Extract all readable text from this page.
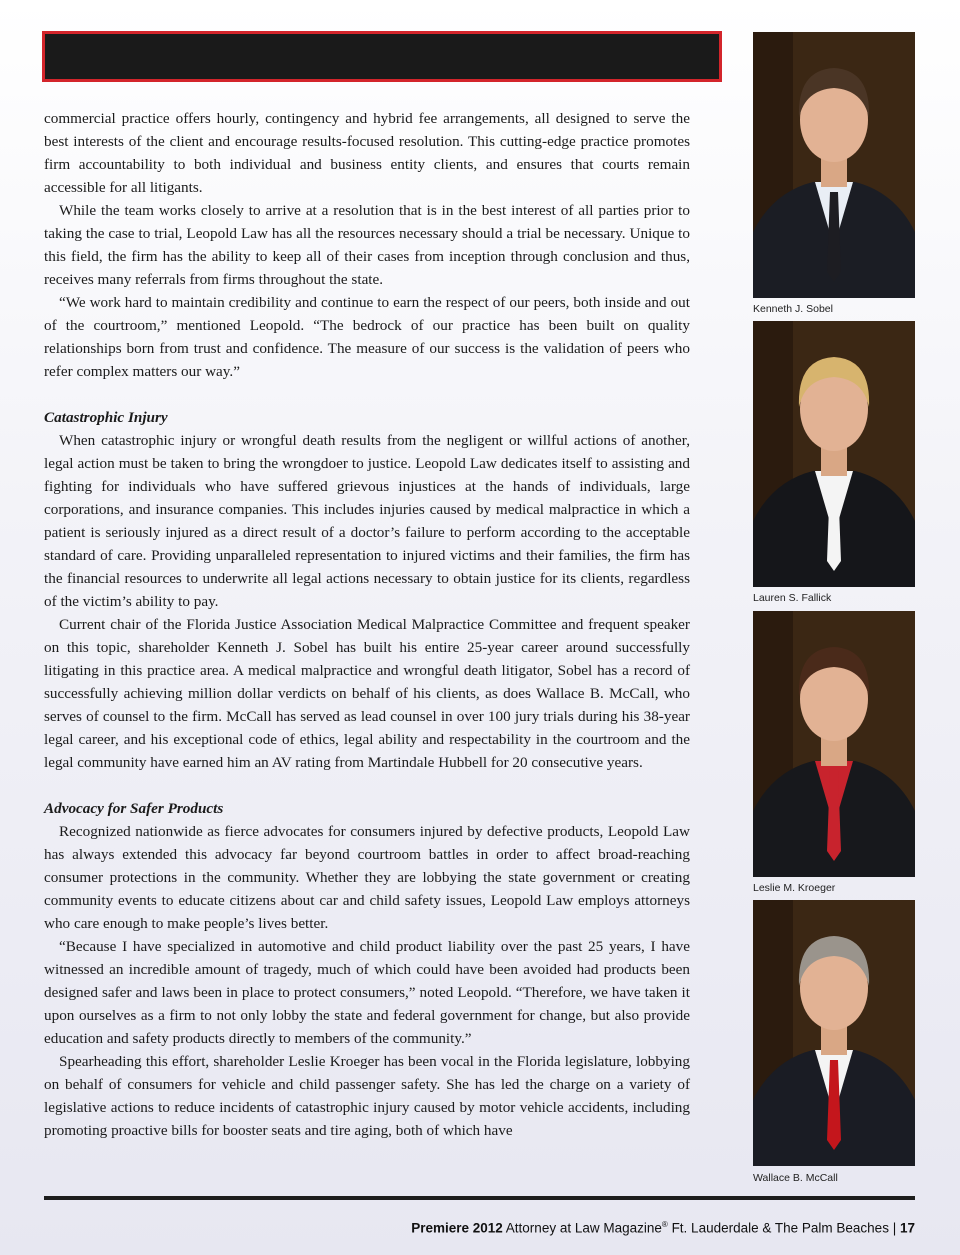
commercial practice offers hourly, contingency and hybrid fee arrangements, all designed to serve the best interests of the client and encourage results-focused resolution. This cutting-edge practice promotes firm accountability to both individual and business entity clients, and ensures that courts remain accessible for all litigants.

While the team works closely to arrive at a resolution that is in the best interest of all parties prior to taking the case to trial, Leopold Law has all the resources necessary should a trial be necessary. Unique to this field, the firm has the ability to keep all of their cases from inception through conclusion and thus, receives many referrals from firms throughout the state.

“We work hard to maintain credibility and continue to earn the respect of our peers, both inside and out of the courtroom,” mentioned Leopold. “The bedrock of our practice has been built on quality relationships born from trust and confidence. The measure of our success is the validation of peers who refer complex matters our way.”

Catastrophic Injury

When catastrophic injury or wrongful death results from the negligent or willful actions of another, legal action must be taken to bring the wrongdoer to justice. Leopold Law dedicates itself to assisting and fighting for individuals who have suffered grievous injustices at the hands of individuals, large corporations, and insurance companies. This includes injuries caused by medical malpractice in which a patient is seriously injured as a direct result of a doctor’s failure to perform according to the acceptable standard of care. Providing unparalleled representation to injured victims and their families, the firm has the financial resources to underwrite all legal actions necessary to obtain justice for its clients, regardless of the victim’s ability to pay.

Current chair of the Florida Justice Association Medical Malpractice Committee and frequent speaker on this topic, shareholder Kenneth J. Sobel has built his entire 25-year career around successfully litigating in this practice area. A medical malpractice and wrongful death litigator, Sobel has a record of successfully achieving million dollar verdicts on behalf of his clients, as does Wallace B. McCall, who serves of counsel to the firm. McCall has served as lead counsel in over 100 jury trials during his 38-year legal career, and his exceptional code of ethics, legal ability and respectability in the courtroom and the legal community have earned him an AV rating from Martindale Hubbell for 20 consecutive years.

Advocacy for Safer Products

Recognized nationwide as fierce advocates for consumers injured by defective products, Leopold Law has always extended this advocacy far beyond courtroom battles in order to affect broad-reaching consumer protections in the community. Whether they are lobbying the state government or creating community events to educate citizens about car and child safety issues, Leopold Law employs attorneys who care enough to make people’s lives better.

“Because I have specialized in automotive and child product liability over the past 25 years, I have witnessed an incredible amount of tragedy, much of which could have been avoided had products been designed safer and laws been in place to protect consumers,” noted Leopold. “Therefore, we have taken it upon ourselves as a firm to not only lobby the state and federal government for change, but also provide education and safety products directly to members of the community.”

Spearheading this effort, shareholder Leslie Kroeger has been vocal in the Florida legislature, lobbying on behalf of consumers for vehicle and child passenger safety. She has led the charge on a variety of legislative actions to reduce incidents of catastrophic injury caused by motor vehicle accidents, including promoting proactive bills for booster seats and tire aging, both of which have

Kenneth J. Sobel
Lauren S. Fallick
Leslie M. Kroeger
Wallace B. McCall
Premiere 2012 Attorney at Law Magazine® Ft. Lauderdale & The Palm Beaches | 17
